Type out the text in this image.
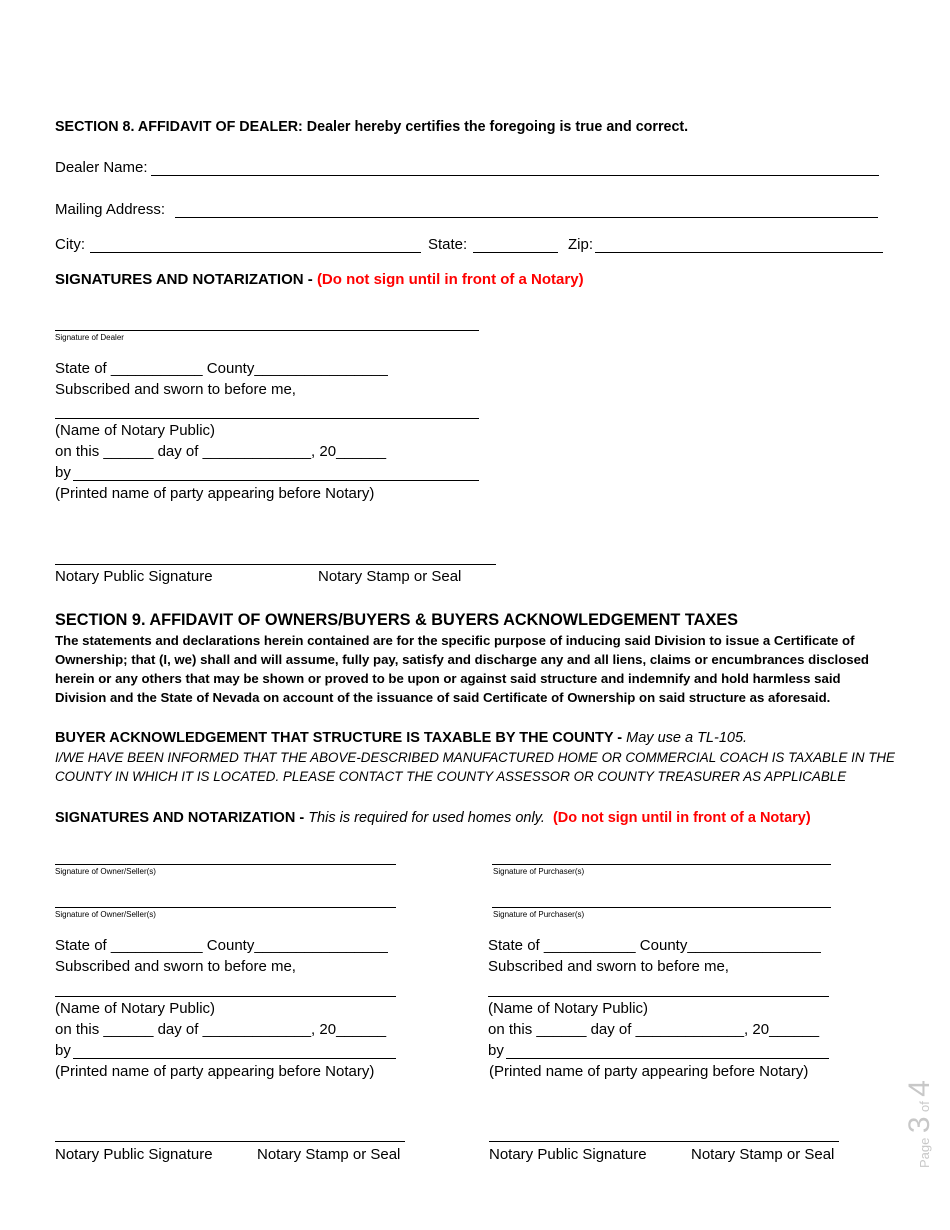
SECTION 8. AFFIDAVIT OF DEALER: Dealer hereby certifies the foregoing is true and correct.
Dealer Name:
Mailing Address:
City:	State:	Zip:
SIGNATURES AND NOTARIZATION - (Do not sign until in front of a Notary)
Signature of Dealer
State of ___________ County________________
Subscribed and sworn to before me,
(Name of Notary Public)
on this ______ day of _____________, 20______
by
(Printed name of party appearing before Notary)
Notary Public Signature	Notary Stamp or Seal
SECTION 9. AFFIDAVIT OF OWNERS/BUYERS & BUYERS ACKNOWLEDGEMENT TAXES
The statements and declarations herein contained are for the specific purpose of inducing said Division to issue a Certificate of Ownership; that (I, we) shall and will assume, fully pay, satisfy and discharge any and all liens, claims or encumbrances disclosed herein or any others that may be shown or proved to be upon or against said structure and indemnify and hold harmless said Division and the State of Nevada on account of the issuance of said Certificate of Ownership on said structure as aforesaid.
BUYER ACKNOWLEDGEMENT THAT STRUCTURE IS TAXABLE BY THE COUNTY - May use a TL-105.
I/WE HAVE BEEN INFORMED THAT THE ABOVE-DESCRIBED MANUFACTURED HOME OR COMMERCIAL COACH IS TAXABLE IN THE
COUNTY IN WHICH IT IS LOCATED. PLEASE CONTACT THE COUNTY ASSESSOR OR COUNTY TREASURER AS APPLICABLE
SIGNATURES AND NOTARIZATION - This is required for used homes only. (Do not sign until in front of a Notary)
Signature of Owner/Seller(s)
Signature of Owner/Seller(s)
State of ___________ County________________
Subscribed and sworn to before me,
(Name of Notary Public)
on this ______ day of _____________, 20______
by
(Printed name of party appearing before Notary)
Notary Public Signature	Notary Stamp or Seal
Signature of Purchaser(s)
Signature of Purchaser(s)
State of ___________ County________________
Subscribed and sworn to before me,
(Name of Notary Public)
on this ______ day of _____________, 20______
by
(Printed name of party appearing before Notary)
Notary Public Signature	Notary Stamp or Seal	Page 3 of 4
